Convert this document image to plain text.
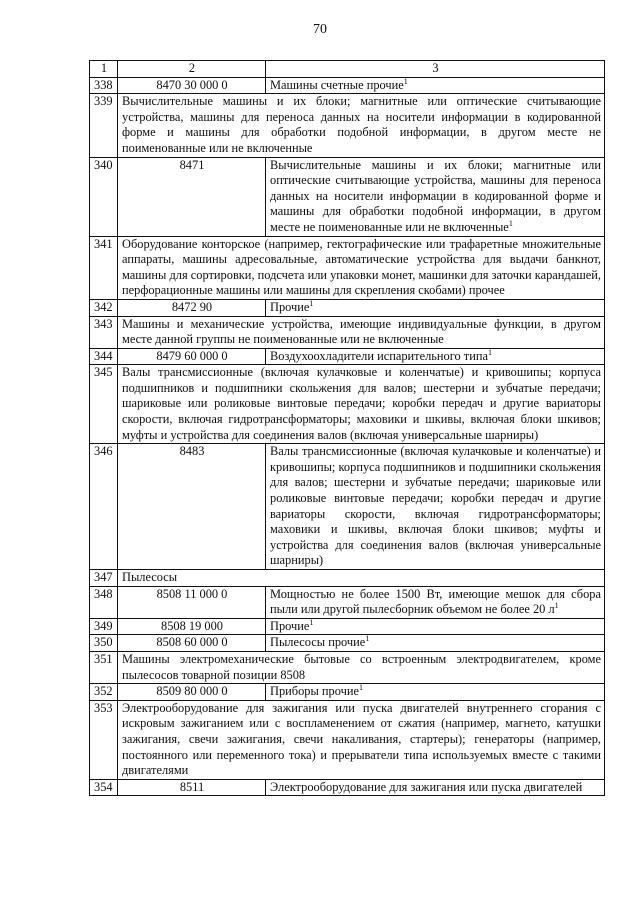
70
1	2	3
338	8470 30 000 0	Машины счетные прочие$^1$
339	Вычислительные машины и их блоки; магнитные или оптические считывающие устройства, машины для переноса данных на носители информации в кодированной форме и машины для обработки подобной информации, в другом месте не поименованные или не включенные	
340	8471	Вычислительные машины и их блоки; магнитные или оптические считывающие устройства, машины для переноса данных на носители информации в кодированной форме и машины для обработки подобной информации, в другом месте не поименованные или не включенные$^1$
341	Оборудование конторское (например, гектографические или трафаретные множительные аппараты, машины адресовальные, автоматические устройства для выдачи банкнот, машины для сортировки, подсчета или упаковки монет, машинки для заточки карандашей, перфорационные машины или машины для скрепления скобами) прочее	
342	8472 90	Прочие$^1$
343	Машины и механические устройства, имеющие индивидуальные функции, в другом месте данной группы не поименованные или не включенные	
344	8479 60 000 0	Воздухоохладители испарительного типа$^1$
345	Валы трансмиссионные (включая кулачковые и коленчатые) и кривошипы; корпуса подшипников и подшипники скольжения для валов; шестерни и зубчатые передачи; шариковые или роликовые винтовые передачи; коробки передач и другие вариаторы скорости, включая гидротрансформаторы; маховики и шкивы, включая блоки шкивов; муфты и устройства для соединения валов (включая универсальные шарниры)	
346	8483	Валы трансмиссионные (включая кулачковые и коленчатые) и кривошипы; корпуса подшипников и подшипники скольжения для валов; шестерни и зубчатые передачи; шариковые или роликовые винтовые передачи; коробки передач и другие вариаторы скорости, включая гидротрансформаторы; маховики и шкивы, включая блоки шкивов; муфты и устройства для соединения валов (включая универсальные шарниры)
347	Пылесосы	
348	8508 11 000 0	Мощностью не более 1500 Вт, имеющие мешок для сбора пыли или другой пылесборник объемом не более 20 л$^1$
349	8508 19 000	Прочие$^1$
350	8508 60 000 0	Пылесосы прочие$^1$
351	Машины электромеханические бытовые со встроенным электродвигателем, кроме пылесосов товарной позиции 8508	
352	8509 80 000 0	Приборы прочие$^1$
353	Электрооборудование для зажигания или пуска двигателей внутреннего сгорания с искровым зажиганием или с воспламенением от сжатия (например, магнето, катушки зажигания, свечи зажигания, свечи накаливания, стартеры); генераторы (например, постоянного или переменного тока) и прерыватели типа используемых вместе с такими двигателями	
354	8511	Электрооборудование для зажигания или пуска двигателей
